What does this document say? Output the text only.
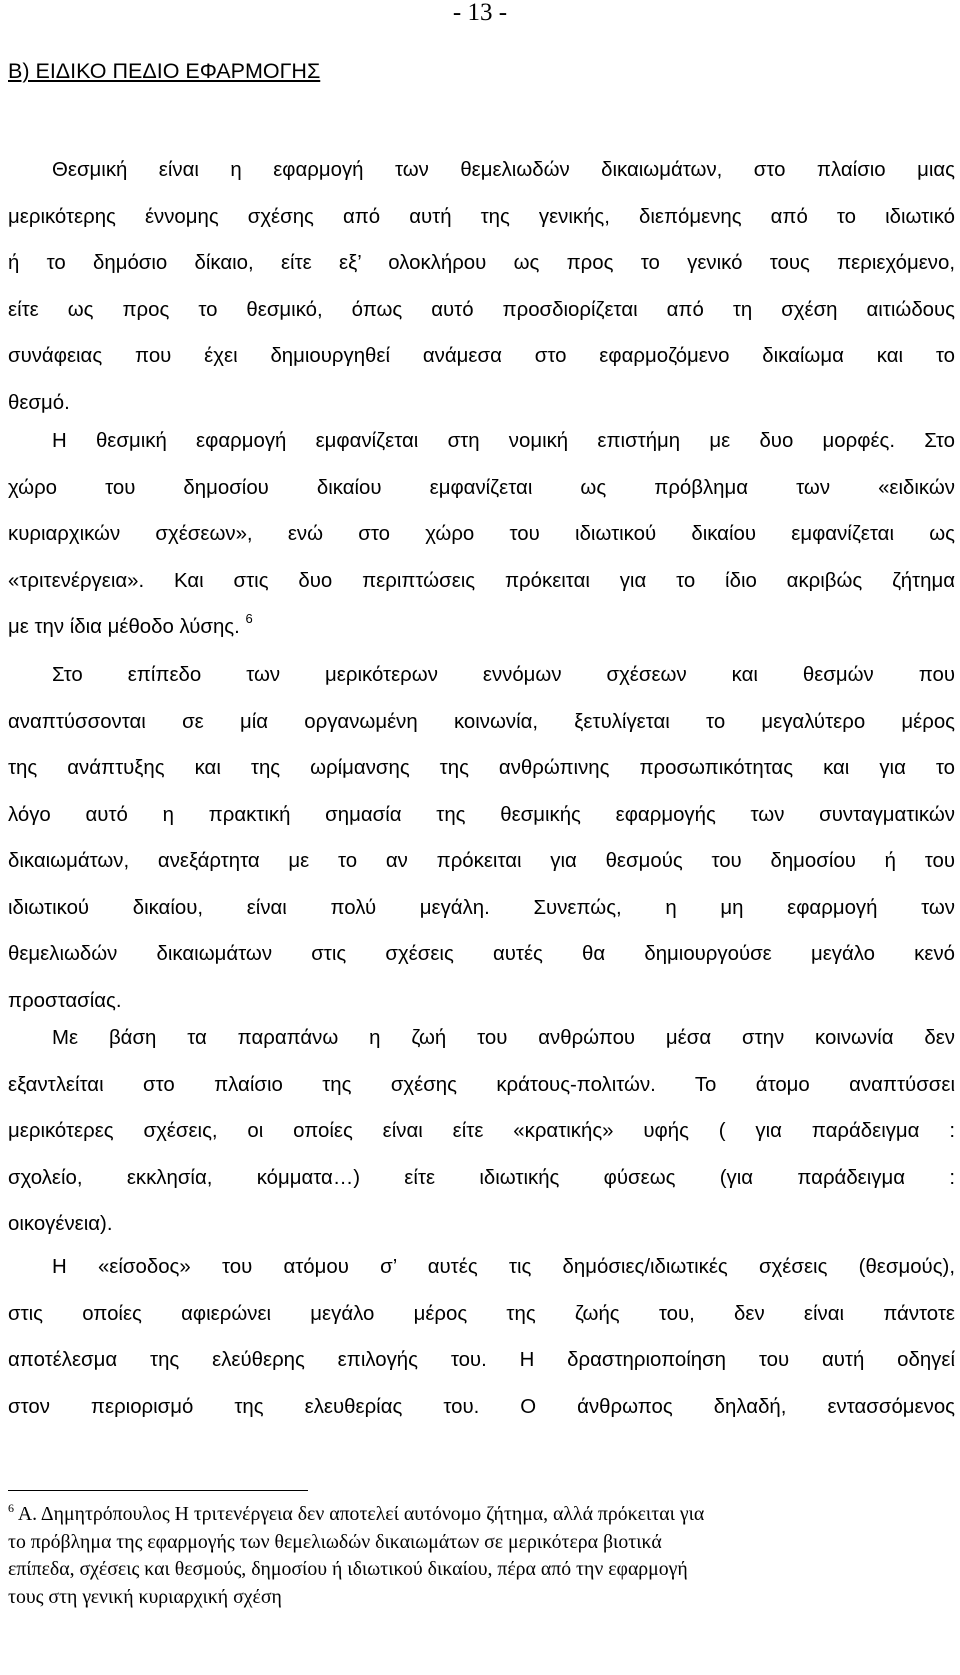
- 13 -
Β) ΕΙΔΙΚΟ ΠΕΔΙΟ ΕΦΑΡΜΟΓΗΣ
Θεσμική είναι η εφαρμογή των θεμελιωδών δικαιωμάτων, στο πλαίσιο μιας
μερικότερης έννομης σχέσης από αυτή της γενικής, διεπόμενης από το ιδιωτικό
ή το δημόσιο δίκαιο, είτε εξ’ ολοκλήρου ως προς το γενικό τους περιεχόμενο,
είτε ως προς το θεσμικό, όπως αυτό προσδιορίζεται από τη σχέση αιτιώδους
συνάφειας που έχει δημιουργηθεί ανάμεσα στο εφαρμοζόμενο δικαίωμα και το
θεσμό.
Η θεσμική εφαρμογή εμφανίζεται στη νομική επιστήμη με δυο μορφές. Στο
χώρο του δημοσίου δικαίου εμφανίζεται ως πρόβλημα των «ειδικών
κυριαρχικών σχέσεων», ενώ στο χώρο του ιδιωτικού δικαίου εμφανίζεται ως
«τριτενέργεια». Και στις δυο περιπτώσεις πρόκειται για το ίδιο ακριβώς ζήτημα
με την ίδια μέθοδο λύσης. $^6$
Στο επίπεδο των μερικότερων εννόμων σχέσεων και θεσμών που
αναπτύσσονται σε μία οργανωμένη κοινωνία, ξετυλίγεται το μεγαλύτερο μέρος
της ανάπτυξης και της ωρίμανσης της ανθρώπινης προσωπικότητας και για το
λόγο αυτό η πρακτική σημασία της θεσμικής εφαρμογής των συνταγματικών
δικαιωμάτων, ανεξάρτητα με το αν πρόκειται για θεσμούς του δημοσίου ή του
ιδιωτικού δικαίου, είναι πολύ μεγάλη. Συνεπώς, η μη εφαρμογή των
θεμελιωδών δικαιωμάτων στις σχέσεις αυτές θα δημιουργούσε μεγάλο κενό
προστασίας.
Με βάση τα παραπάνω η ζωή του ανθρώπου μέσα στην κοινωνία δεν
εξαντλείται στο πλαίσιο της σχέσης κράτους-πολιτών. Το άτομο αναπτύσσει
μερικότερες σχέσεις, οι οποίες είναι είτε «κρατικής» υφής ( για παράδειγμα :
σχολείο, εκκλησία, κόμματα…) είτε ιδιωτικής φύσεως (για παράδειγμα :
οικογένεια).
Η «είσοδος» του ατόμου σ’ αυτές τις δημόσιες/ιδιωτικές σχέσεις (θεσμούς),
στις οποίες αφιερώνει μεγάλο μέρος της ζωής του, δεν είναι πάντοτε
αποτέλεσμα της ελεύθερης επιλογής του. Η δραστηριοποίηση του αυτή οδηγεί
στον περιορισμό της ελευθερίας του. Ο άνθρωπος δηλαδή, εντασσόμενος
$^6$ Α. Δημητρόπουλος Η τριτενέργεια δεν αποτελεί αυτόνομο ζήτημα, αλλά πρόκειται για
το πρόβλημα της εφαρμογής των θεμελιωδών δικαιωμάτων σε μερικότερα βιοτικά
επίπεδα, σχέσεις και θεσμούς, δημοσίου ή ιδιωτικού δικαίου, πέρα από την εφαρμογή
τους στη γενική κυριαρχική σχέση
